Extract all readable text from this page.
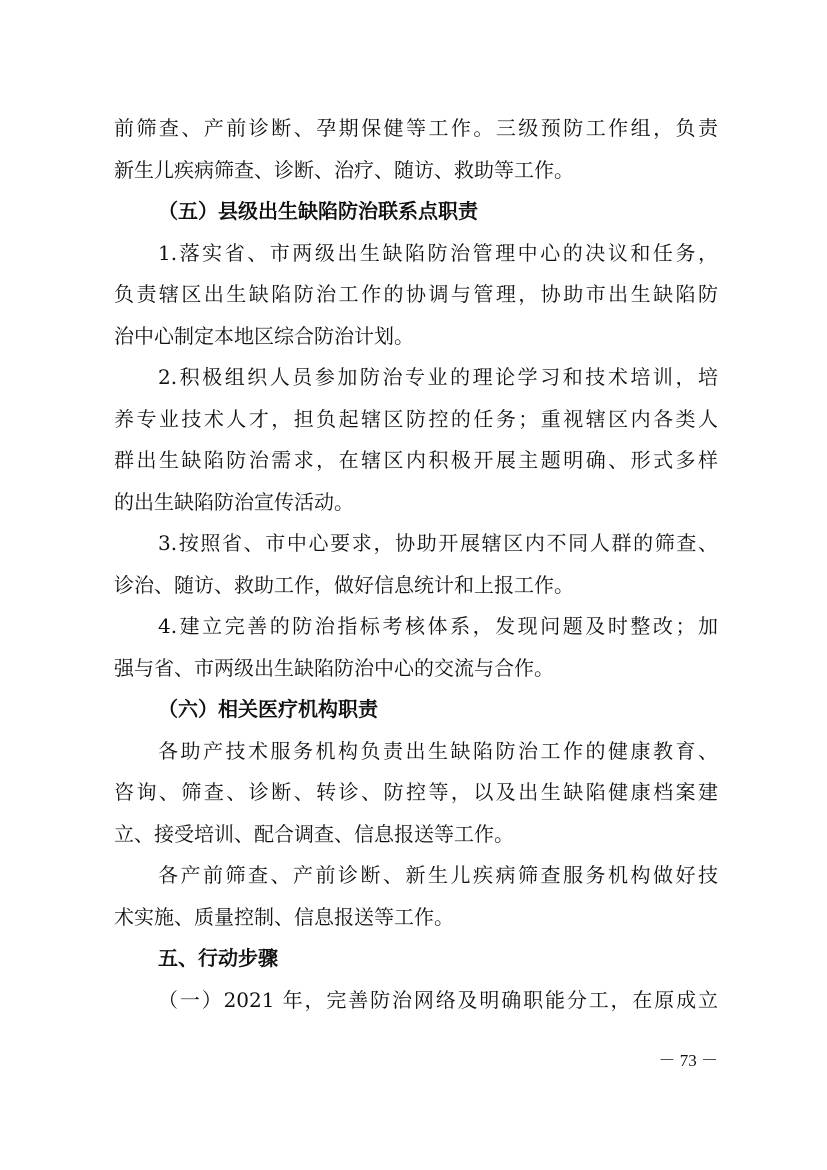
前筛查、产前诊断、孕期保健等工作。三级预防工作组，负责
新生儿疾病筛查、诊断、治疗、随访、救助等工作。
（五）县级出生缺陷防治联系点职责
1.落实省、市两级出生缺陷防治管理中心的决议和任务，
负责辖区出生缺陷防治工作的协调与管理，协助市出生缺陷防
治中心制定本地区综合防治计划。
2.积极组织人员参加防治专业的理论学习和技术培训，培
养专业技术人才，担负起辖区防控的任务；重视辖区内各类人
群出生缺陷防治需求，在辖区内积极开展主题明确、形式多样
的出生缺陷防治宣传活动。
3.按照省、市中心要求，协助开展辖区内不同人群的筛查、
诊治、随访、救助工作，做好信息统计和上报工作。
4.建立完善的防治指标考核体系，发现问题及时整改；加
强与省、市两级出生缺陷防治中心的交流与合作。
（六）相关医疗机构职责
各助产技术服务机构负责出生缺陷防治工作的健康教育、
咨询、筛查、诊断、转诊、防控等，以及出生缺陷健康档案建
立、接受培训、配合调查、信息报送等工作。
各产前筛查、产前诊断、新生儿疾病筛查服务机构做好技
术实施、质量控制、信息报送等工作。
五、行动步骤
（一）2021 年，完善防治网络及明确职能分工，在原成立
－ 73 －
